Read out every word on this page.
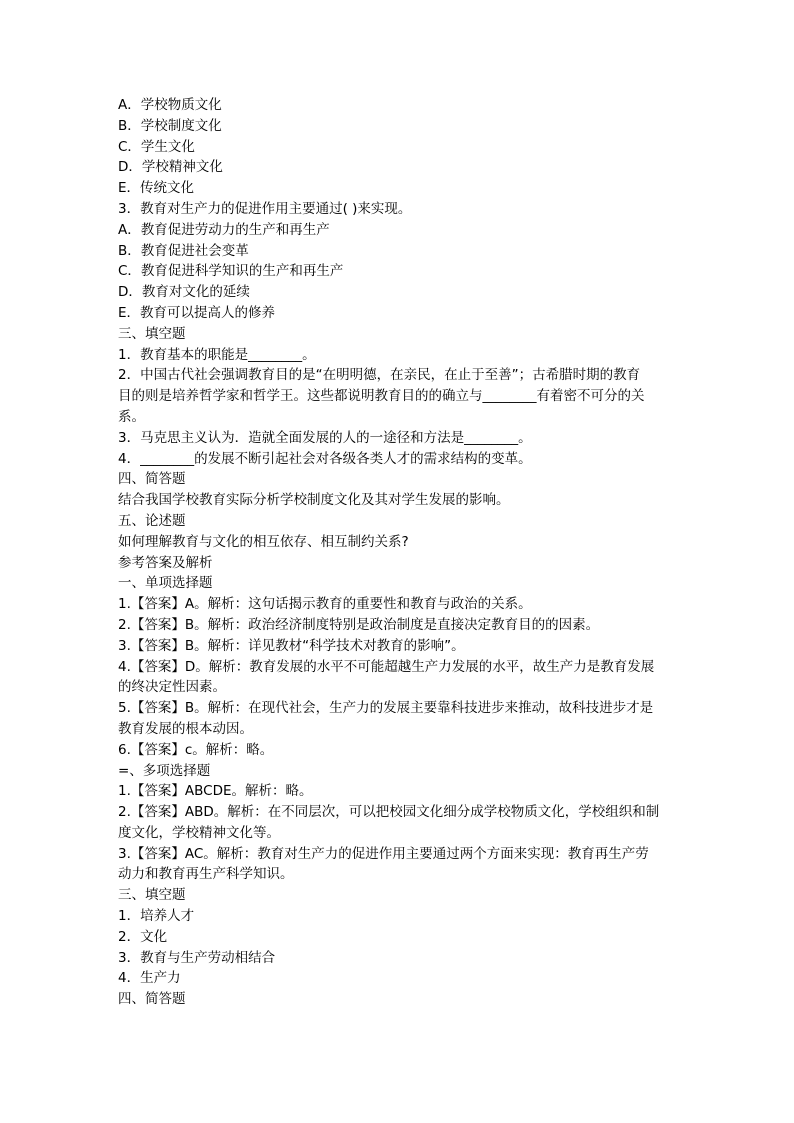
A．学校物质文化
B．学校制度文化
C．学生文化
D．学校精神文化
E．传统文化
3．教育对生产力的促进作用主要通过( )来实现。
A．教育促进劳动力的生产和再生产
B．教育促进社会变革
C．教育促进科学知识的生产和再生产
D．教育对文化的延续
E．教育可以提高人的修养
三、填空题
1．教育基本的职能是________。
2．中国古代社会强调教育目的是“在明明德，在亲民，在止于至善”；古希腊时期的教育
目的则是培养哲学家和哲学王。这些都说明教育目的的确立与________有着密不可分的关
系。
3．马克思主义认为．造就全面发展的人的一途径和方法是________。
4．________的发展不断引起社会对各级各类人才的需求结构的变革。
四、简答题
结合我国学校教育实际分析学校制度文化及其对学生发展的影响。
五、论述题
如何理解教育与文化的相互依存、相互制约关系?
参考答案及解析
一、单项选择题
1.【答案】A。解析：这句话揭示教育的重要性和教育与政治的关系。
2.【答案】B。解析：政治经济制度特别是政治制度是直接决定教育目的的因素。
3.【答案】B。解析：详见教材“科学技术对教育的影响”。
4.【答案】D。解析：教育发展的水平不可能超越生产力发展的水平，故生产力是教育发展
的终决定性因素。
5.【答案】B。解析：在现代社会，生产力的发展主要靠科技进步来推动，故科技进步才是
教育发展的根本动因。
6.【答案】c。解析：略。
=、多项选择题
1.【答案】ABCDE。解析：略。
2.【答案】ABD。解析：在不同层次，可以把校园文化细分成学校物质文化，学校组织和制
度文化，学校精神文化等。
3.【答案】AC。解析：教育对生产力的促进作用主要通过两个方面来实现：教育再生产劳
动力和教育再生产科学知识。
三、填空题
1．培养人才
2．文化
3．教育与生产劳动相结合
4．生产力
四、简答题
